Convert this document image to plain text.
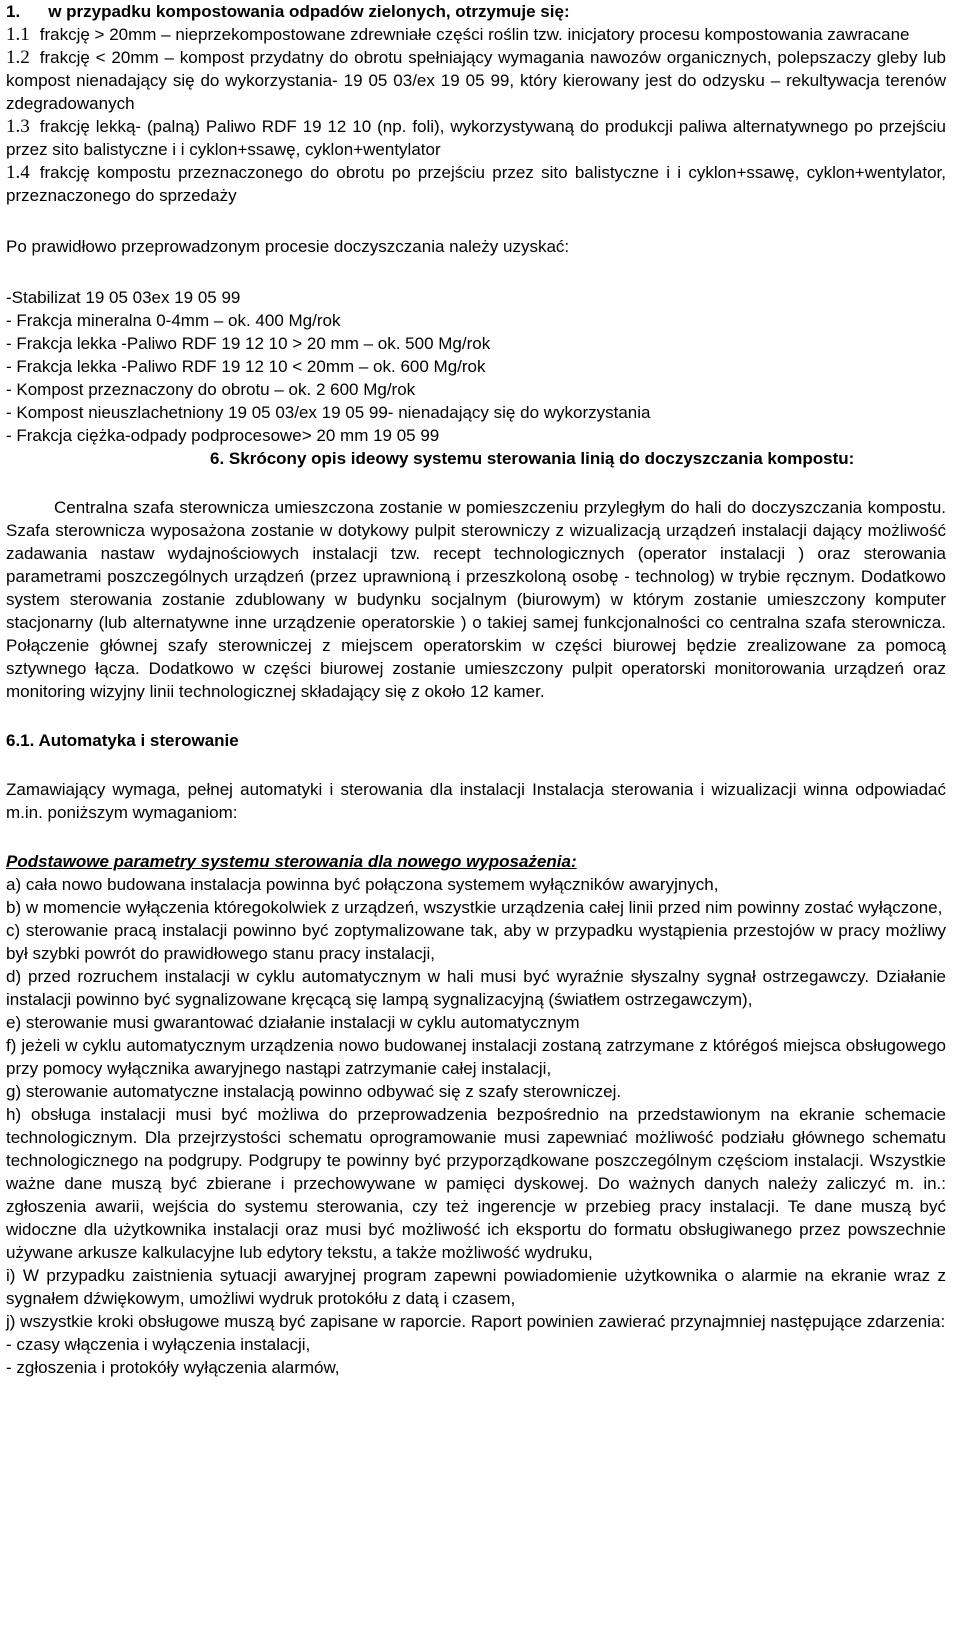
1. w przypadku kompostowania odpadów zielonych, otrzymuje się:

1.1 frakcję > 20mm – nieprzekompostowane zdrewniałe części roślin tzw. inicjatory procesu kompostowania zawracane

1.2 frakcję < 20mm – kompost przydatny do obrotu spełniający wymagania nawozów organicznych, polepszaczy gleby lub kompost nienadający się do wykorzystania- 19 05 03/ex 19 05 99, który kierowany jest do odzysku – rekultywacja terenów zdegradowanych

1.3 frakcję lekką- (palną) Paliwo RDF 19 12 10 (np. foli), wykorzystywaną do produkcji paliwa alternatywnego po przejściu przez sito balistyczne i i cyklon+ssawę, cyklon+wentylator

1.4 frakcję kompostu przeznaczonego do obrotu po przejściu przez sito balistyczne i i cyklon+ssawę, cyklon+wentylator, przeznaczonego do sprzedaży

Po prawidłowo przeprowadzonym procesie doczyszczania należy uzyskać:

-Stabilizat 19 05 03ex 19 05 99

- Frakcja mineralna 0-4mm – ok. 400 Mg/rok

- Frakcja lekka -Paliwo RDF 19 12 10 > 20 mm – ok. 500 Mg/rok

- Frakcja lekka -Paliwo RDF 19 12 10 < 20mm – ok. 600 Mg/rok

- Kompost przeznaczony do obrotu – ok. 2 600 Mg/rok

- Kompost nieuszlachetniony 19 05 03/ex 19 05 99- nienadający się do wykorzystania

- Frakcja ciężka-odpady podprocesowe> 20 mm 19 05 99

6. Skrócony opis ideowy systemu sterowania linią do doczyszczania kompostu:

Centralna szafa sterownicza umieszczona zostanie w pomieszczeniu przyległym do hali do doczyszczania kompostu. Szafa sterownicza wyposażona zostanie w dotykowy pulpit sterowniczy z wizualizacją urządzeń instalacji dający możliwość zadawania nastaw wydajnościowych instalacji tzw. recept technologicznych (operator instalacji ) oraz sterowania parametrami poszczególnych urządzeń (przez uprawnioną i przeszkoloną osobę - technolog) w trybie ręcznym. Dodatkowo system sterowania zostanie zdublowany w budynku socjalnym (biurowym) w którym zostanie umieszczony komputer stacjonarny (lub alternatywne inne urządzenie operatorskie ) o takiej samej funkcjonalności co centralna szafa sterownicza. Połączenie głównej szafy sterowniczej z miejscem operatorskim w części biurowej będzie zrealizowane za pomocą sztywnego łącza. Dodatkowo w części biurowej zostanie umieszczony pulpit operatorski monitorowania urządzeń oraz monitoring wizyjny linii technologicznej składający się z około 12 kamer.

6.1. Automatyka i sterowanie

Zamawiający wymaga, pełnej automatyki i sterowania dla instalacji Instalacja sterowania i wizualizacji winna odpowiadać m.in. poniższym wymaganiom:

Podstawowe parametry systemu sterowania dla nowego wyposażenia:

a) cała nowo budowana instalacja powinna być połączona systemem wyłączników awaryjnych,

b) w momencie wyłączenia któregokolwiek z urządzeń, wszystkie urządzenia całej linii przed nim powinny zostać wyłączone,

c) sterowanie pracą instalacji powinno być zoptymalizowane tak, aby w przypadku wystąpienia przestojów w pracy możliwy był szybki powrót do prawidłowego stanu pracy instalacji,

d) przed rozruchem instalacji w cyklu automatycznym w hali musi być wyraźnie słyszalny sygnał ostrzegawczy. Działanie instalacji powinno być sygnalizowane kręcącą się lampą sygnalizacyjną (światłem ostrzegawczym),

e) sterowanie musi gwarantować działanie instalacji w cyklu automatycznym

f) jeżeli w cyklu automatycznym urządzenia nowo budowanej instalacji zostaną zatrzymane z którégoś miejsca obsługowego przy pomocy wyłącznika awaryjnego nastąpi zatrzymanie całej instalacji,

g) sterowanie automatyczne instalacją powinno odbywać się z szafy sterowniczej.

h) obsługa instalacji musi być możliwa do przeprowadzenia bezpośrednio na przedstawionym na ekranie schemacie technologicznym. Dla przejrzystości schematu oprogramowanie musi zapewniać możliwość podziału głównego schematu technologicznego na podgrupy. Podgrupy te powinny być przyporządkowane poszczególnym częściom instalacji. Wszystkie ważne dane muszą być zbierane i przechowywane w pamięci dyskowej. Do ważnych danych należy zaliczyć m. in.: zgłoszenia awarii, wejścia do systemu sterowania, czy też ingerencje w przebieg pracy instalacji. Te dane muszą być widoczne dla użytkownika instalacji oraz musi być możliwość ich eksportu do formatu obsługiwanego przez powszechnie używane arkusze kalkulacyjne lub edytory tekstu, a także możliwość wydruku,

i) W przypadku zaistnienia sytuacji awaryjnej program zapewni powiadomienie użytkownika o alarmie na ekranie wraz z sygnałem dźwiękowym, umożliwi wydruk protokółu z datą i czasem,

j) wszystkie kroki obsługowe muszą być zapisane w raporcie. Raport powinien zawierać przynajmniej następujące zdarzenia:

- czasy włączenia i wyłączenia instalacji,

- zgłoszenia i protokóły wyłączenia alarmów,
